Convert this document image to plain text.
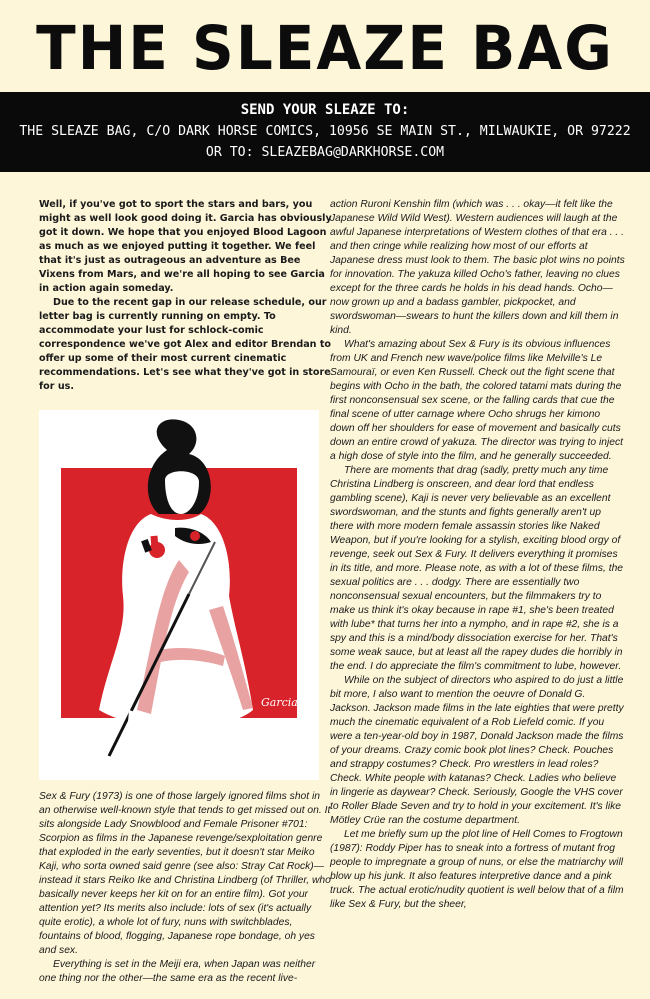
THE SLEAZE BAG
SEND YOUR SLEAZE TO:
THE SLEAZE BAG, C/O DARK HORSE COMICS, 10956 SE MAIN ST., MILWAUKIE, OR 97222
OR TO: SLEAZEBAG@DARKHORSE.COM

Well, if you've got to sport the stars and bars, you might as well look good doing it. Garcia has obviously got it down. We hope that you enjoyed Blood Lagoon as much as we enjoyed putting it together. We feel that it's just as outrageous an adventure as Bee Vixens from Mars, and we're all hoping to see Garcia in action again someday.

Due to the recent gap in our release schedule, our letter bag is currently running on empty. To accommodate your lust for schlock-comic correspondence we've got Alex and editor Brendan to offer up some of their most current cinematic recommendations. Let's see what they've got in store for us.

Garcia

Sex & Fury (1973) is one of those largely ignored films shot in an otherwise well-known style that tends to get missed out on. It sits alongside Lady Snowblood and Female Prisoner #701: Scorpion as films in the Japanese revenge/sexploitation genre that exploded in the early seventies, but it doesn't star Meiko Kaji, who sorta owned said genre (see also: Stray Cat Rock)—instead it stars Reiko Ike and Christina Lindberg (of Thriller, who basically never keeps her kit on for an entire film). Got your attention yet? Its merits also include: lots of sex (it's actually quite erotic), a whole lot of fury, nuns with switchblades, fountains of blood, flogging, Japanese rope bondage, oh yes and sex.

Everything is set in the Meiji era, when Japan was neither one thing nor the other—the same era as the recent live-

action Ruroni Kenshin film (which was . . . okay—it felt like the Japanese Wild Wild West). Western audiences will laugh at the awful Japanese interpretations of Western clothes of that era . . . and then cringe while realizing how most of our efforts at Japanese dress must look to them. The basic plot wins no points for innovation. The yakuza killed Ocho's father, leaving no clues except for the three cards he holds in his dead hands. Ocho—now grown up and a badass gambler, pickpocket, and swordswoman—swears to hunt the killers down and kill them in kind.

What's amazing about Sex & Fury is its obvious influences from UK and French new wave/police films like Melville's Le Samouraï, or even Ken Russell. Check out the fight scene that begins with Ocho in the bath, the colored tatami mats during the first nonconsensual sex scene, or the falling cards that cue the final scene of utter carnage where Ocho shrugs her kimono down off her shoulders for ease of movement and basically cuts down an entire crowd of yakuza. The director was trying to inject a high dose of style into the film, and he generally succeeded.

There are moments that drag (sadly, pretty much any time Christina Lindberg is onscreen, and dear lord that endless gambling scene), Kaji is never very believable as an excellent swordswoman, and the stunts and fights generally aren't up there with more modern female assassin stories like Naked Weapon, but if you're looking for a stylish, exciting blood orgy of revenge, seek out Sex & Fury. It delivers everything it promises in its title, and more. Please note, as with a lot of these films, the sexual politics are . . . dodgy. There are essentially two nonconsensual sexual encounters, but the filmmakers try to make us think it's okay because in rape #1, she's been treated with lube* that turns her into a nympho, and in rape #2, she is a spy and this is a mind/body dissociation exercise for her. That's some weak sauce, but at least all the rapey dudes die horribly in the end. I do appreciate the film's commitment to lube, however.

While on the subject of directors who aspired to do just a little bit more, I also want to mention the oeuvre of Donald G. Jackson. Jackson made films in the late eighties that were pretty much the cinematic equivalent of a Rob Liefeld comic. If you were a ten-year-old boy in 1987, Donald Jackson made the films of your dreams. Crazy comic book plot lines? Check. Pouches and strappy costumes? Check. Pro wrestlers in lead roles? Check. White people with katanas? Check. Ladies who believe in lingerie as daywear? Check. Seriously, Google the VHS cover to Roller Blade Seven and try to hold in your excitement. It's like Mötley Crüe ran the costume department.

Let me briefly sum up the plot line of Hell Comes to Frogtown (1987): Roddy Piper has to sneak into a fortress of mutant frog people to impregnate a group of nuns, or else the matriarchy will blow up his junk. It also features interpretive dance and a pink truck. The actual erotic/nudity quotient is well below that of a film like Sex & Fury, but the sheer,
